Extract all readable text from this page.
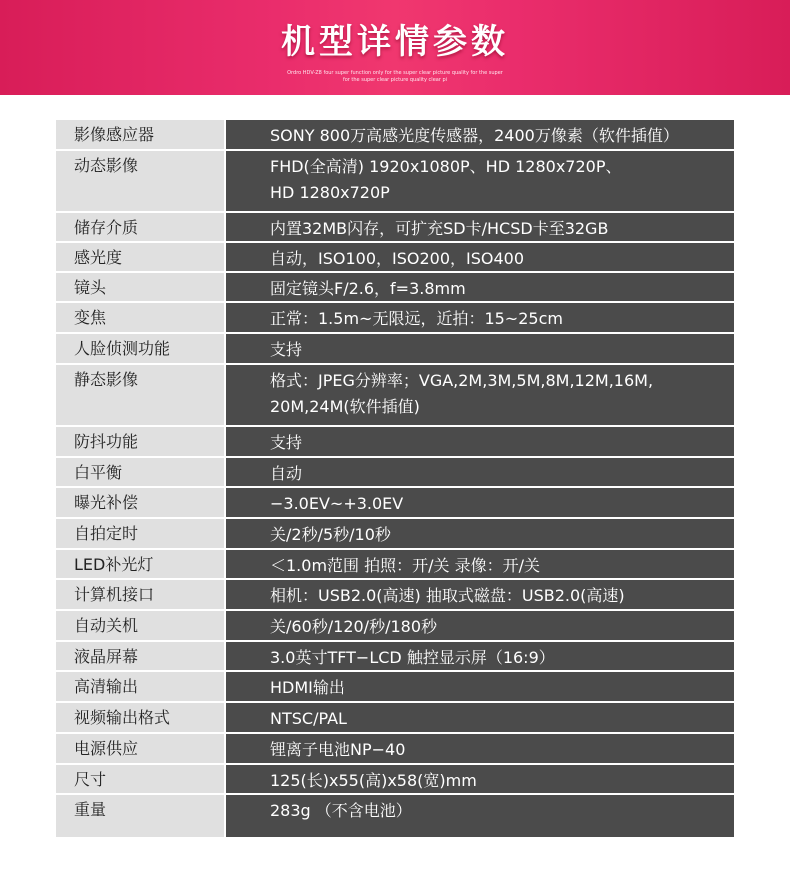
机型详情参数
Ordro HDV-Z8 four super function only for the super clear picture quality for the super
for the super clear picture quality clear pi
影像感应器	SONY 800万高感光度传感器，2400万像素（软件插值）
动态影像	FHD(全高清) 1920x1080P、HD 1280x720P、
HD 1280x720P
储存介质	内置32MB闪存，可扩充SD卡/HCSD卡至32GB
感光度	自动，ISO100，ISO200，ISO400
镜头	固定镜头F/2.6，f=3.8mm
变焦	正常：1.5m~无限远，近拍：15~25cm
人脸侦测功能	支持
静态影像	格式：JPEG分辨率；VGA,2M,3M,5M,8M,12M,16M,
20M,24M(软件插值)
防抖功能	支持
白平衡	自动
曝光补偿	−3.0EV~+3.0EV
自拍定时	关/2秒/5秒/10秒
LED补光灯	＜1.0m范围 拍照：开/关 录像：开/关
计算机接口	相机：USB2.0(高速) 抽取式磁盘：USB2.0(高速)
自动关机	关/60秒/120/秒/180秒
液晶屏幕	3.0英寸TFT−LCD 触控显示屏（16:9）
高清输出	HDMI输出
视频输出格式	NTSC/PAL
电源供应	锂离子电池NP−40
尺寸	125(长)x55(高)x58(宽)mm
重量	283g （不含电池）
